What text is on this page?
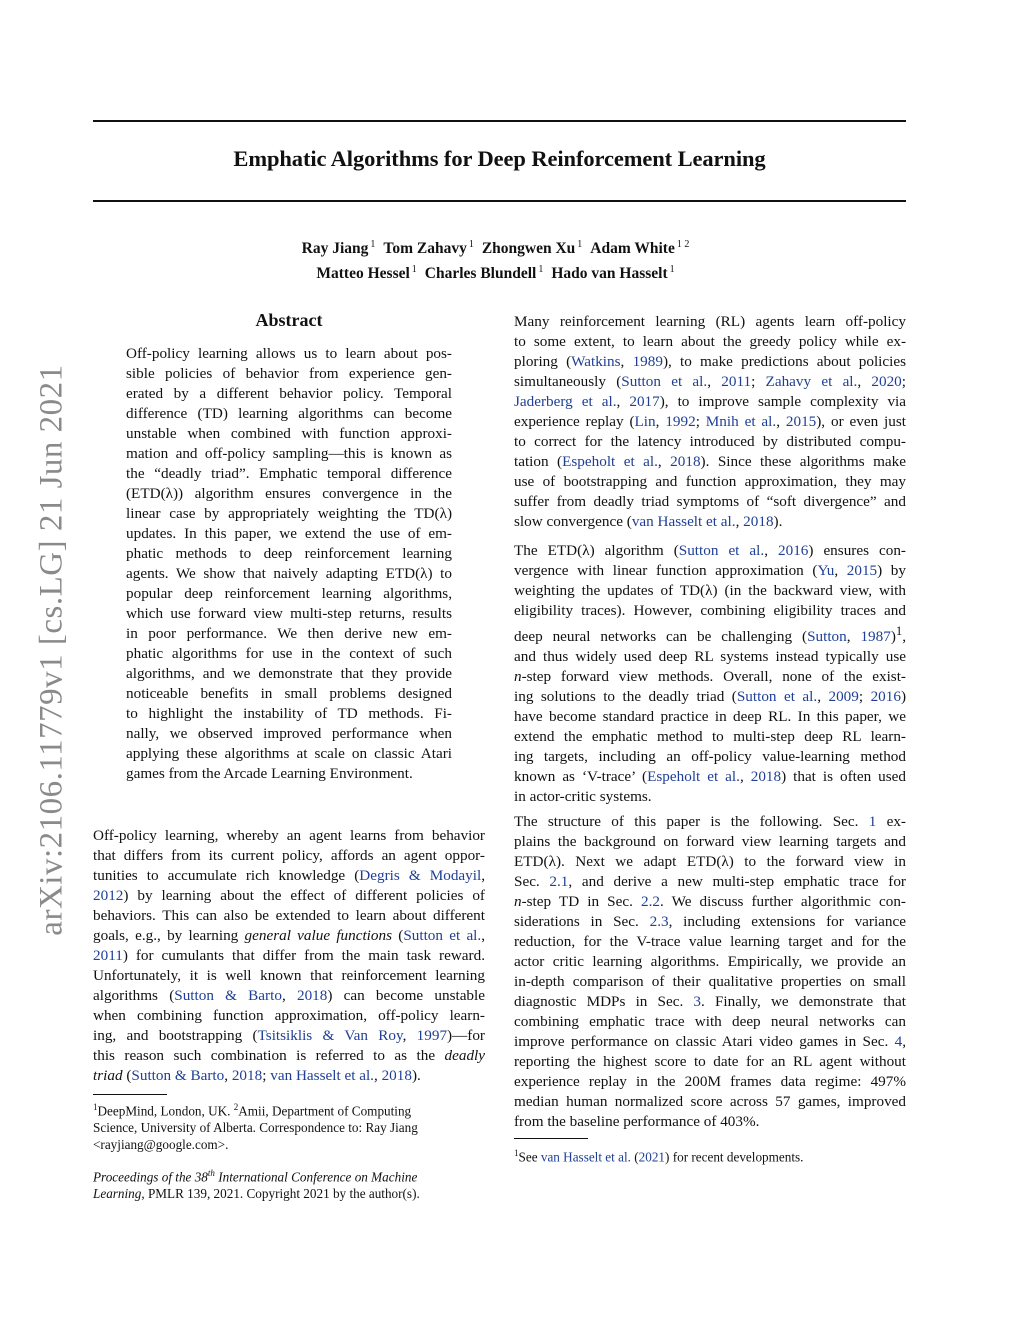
Emphatic Algorithms for Deep Reinforcement Learning
Ray Jiang $^1$ Tom Zahavy $^1$ Zhongwen Xu $^1$ Adam White $^{1 2}$
Matteo Hessel $^1$ Charles Blundell $^1$ Hado van Hasselt $^1$
arXiv:2106.11779v1 [cs.LG] 21 Jun 2021
Abstract

Off-policy learning allows us to learn about pos-
sible policies of behavior from experience gen-
erated by a different behavior policy. Temporal
difference (TD) learning algorithms can become
unstable when combined with function approxi-
mation and off-policy sampling—this is known as
the “deadly triad”. Emphatic temporal difference
(ETD(λ)) algorithm ensures convergence in the
linear case by appropriately weighting the TD(λ)
updates. In this paper, we extend the use of em-
phatic methods to deep reinforcement learning
agents. We show that naively adapting ETD(λ) to
popular deep reinforcement learning algorithms,
which use forward view multi-step returns, results
in poor performance. We then derive new em-
phatic algorithms for use in the context of such
algorithms, and we demonstrate that they provide
noticeable benefits in small problems designed
to highlight the instability of TD methods. Fi-
nally, we observed improved performance when
applying these algorithms at scale on classic Atari
games from the Arcade Learning Environment.

Off-policy learning, whereby an agent learns from behavior
that differs from its current policy, affords an agent oppor-
tunities to accumulate rich knowledge (Degris & Modayil,
2012) by learning about the effect of different policies of
behaviors. This can also be extended to learn about different
goals, e.g., by learning general value functions (Sutton et al.,
2011) for cumulants that differ from the main task reward.
Unfortunately, it is well known that reinforcement learning
algorithms (Sutton & Barto, 2018) can become unstable
when combining function approximation, off-policy learn-
ing, and bootstrapping (Tsitsiklis & Van Roy, 1997)—for
this reason such combination is referred to as the deadly
triad (Sutton & Barto, 2018; van Hasselt et al., 2018).

$^1$DeepMind, London, UK. $^2$Amii, Department of Computing
Science, University of Alberta. Correspondence to: Ray Jiang
<rayjiang@google.com>.

Proceedings of the 38th International Conference on Machine
Learning, PMLR 139, 2021. Copyright 2021 by the author(s).

Many reinforcement learning (RL) agents learn off-policy
to some extent, to learn about the greedy policy while ex-
ploring (Watkins, 1989), to make predictions about policies
simultaneously (Sutton et al., 2011; Zahavy et al., 2020;
Jaderberg et al., 2017), to improve sample complexity via
experience replay (Lin, 1992; Mnih et al., 2015), or even just
to correct for the latency introduced by distributed compu-
tation (Espeholt et al., 2018). Since these algorithms make
use of bootstrapping and function approximation, they may
suffer from deadly triad symptoms of “soft divergence” and
slow convergence (van Hasselt et al., 2018).

The ETD(λ) algorithm (Sutton et al., 2016) ensures con-
vergence with linear function approximation (Yu, 2015) by
weighting the updates of TD(λ) (in the backward view, with
eligibility traces). However, combining eligibility traces and
deep neural networks can be challenging (Sutton, 1987)$^1$,
and thus widely used deep RL systems instead typically use
n-step forward view methods. Overall, none of the exist-
ing solutions to the deadly triad (Sutton et al., 2009; 2016)
have become standard practice in deep RL. In this paper, we
extend the emphatic method to multi-step deep RL learn-
ing targets, including an off-policy value-learning method
known as ‘V-trace’ (Espeholt et al., 2018) that is often used
in actor-critic systems.

The structure of this paper is the following. Sec. 1 ex-
plains the background on forward view learning targets and
ETD(λ). Next we adapt ETD(λ) to the forward view in
Sec. 2.1, and derive a new multi-step emphatic trace for
n-step TD in Sec. 2.2. We discuss further algorithmic con-
siderations in Sec. 2.3, including extensions for variance
reduction, for the V-trace value learning target and for the
actor critic learning algorithms. Empirically, we provide an
in-depth comparison of their qualitative properties on small
diagnostic MDPs in Sec. 3. Finally, we demonstrate that
combining emphatic trace with deep neural networks can
improve performance on classic Atari video games in Sec. 4,
reporting the highest score to date for an RL agent without
experience replay in the 200M frames data regime: 497%
median human normalized score across 57 games, improved
from the baseline performance of 403%.

$^1$See van Hasselt et al. (2021) for recent developments.
